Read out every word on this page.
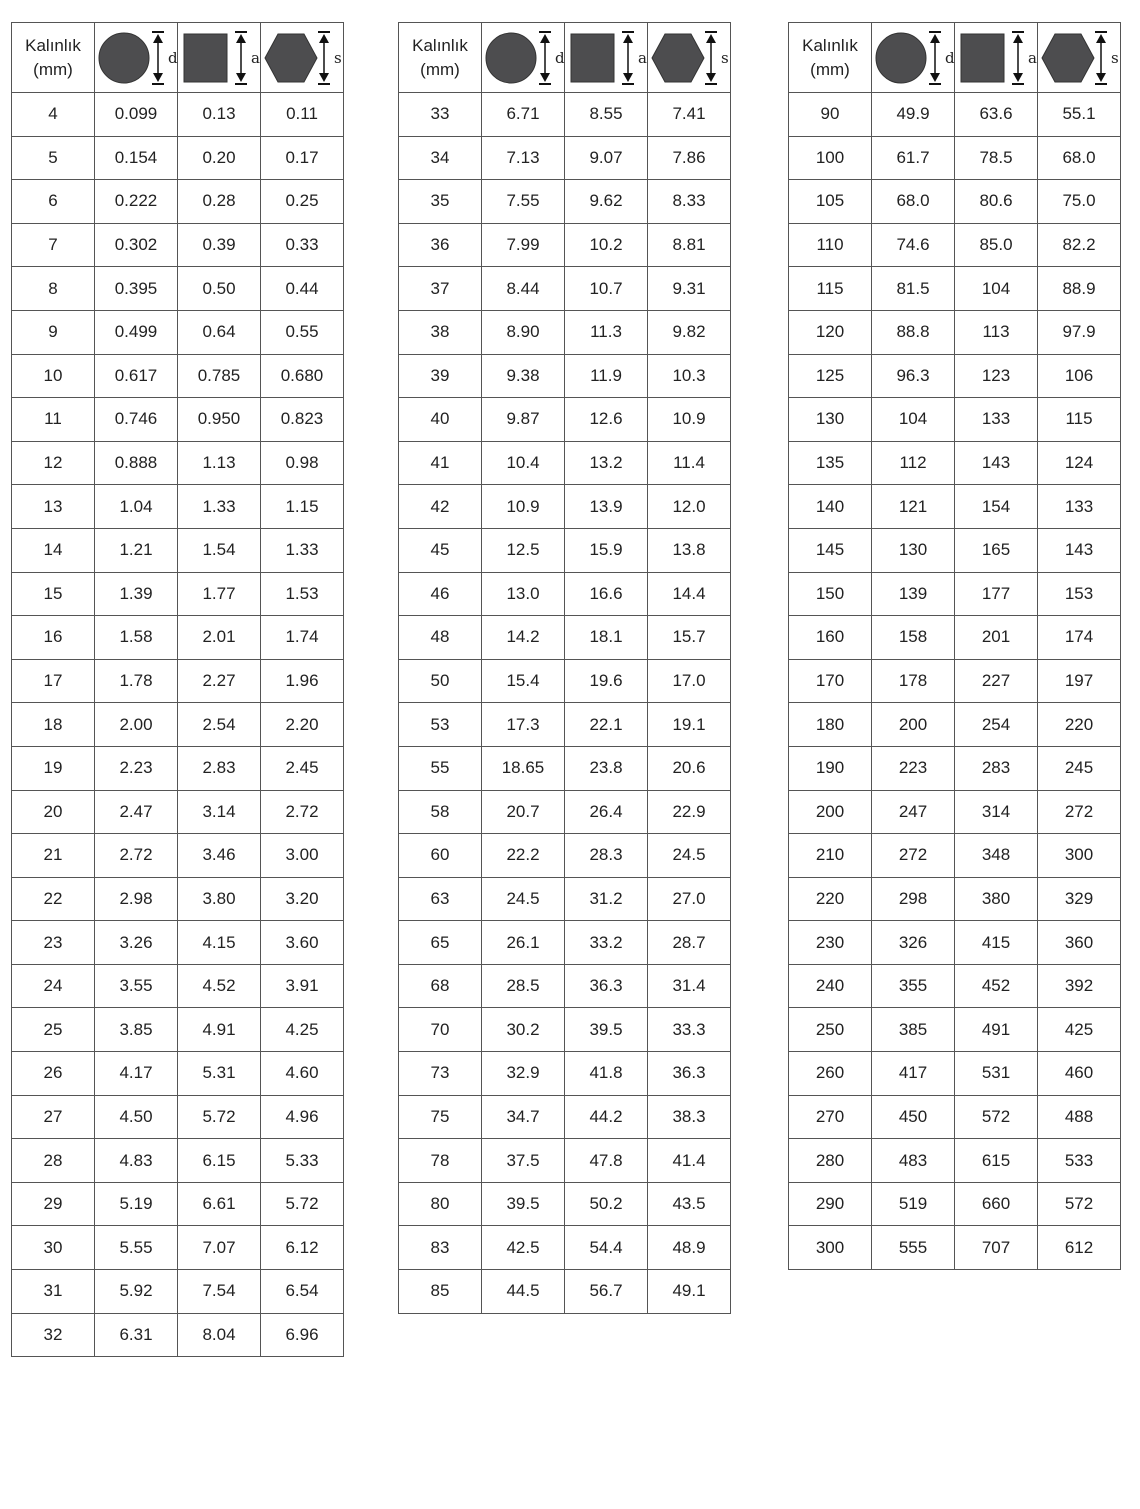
Kalınlık
(mm)	d	a	s

4	0.099	0.13	0.11
5	0.154	0.20	0.17
6	0.222	0.28	0.25
7	0.302	0.39	0.33
8	0.395	0.50	0.44
9	0.499	0.64	0.55
10	0.617	0.785	0.680
11	0.746	0.950	0.823
12	0.888	1.13	0.98
13	1.04	1.33	1.15
14	1.21	1.54	1.33
15	1.39	1.77	1.53
16	1.58	2.01	1.74
17	1.78	2.27	1.96
18	2.00	2.54	2.20
19	2.23	2.83	2.45
20	2.47	3.14	2.72
21	2.72	3.46	3.00
22	2.98	3.80	3.20
23	3.26	4.15	3.60
24	3.55	4.52	3.91
25	3.85	4.91	4.25
26	4.17	5.31	4.60
27	4.50	5.72	4.96
28	4.83	6.15	5.33
29	5.19	6.61	5.72
30	5.55	7.07	6.12
31	5.92	7.54	6.54
32	6.31	8.04	6.96
Kalınlık
(mm)	d	a	s

33	6.71	8.55	7.41
34	7.13	9.07	7.86
35	7.55	9.62	8.33
36	7.99	10.2	8.81
37	8.44	10.7	9.31
38	8.90	11.3	9.82
39	9.38	11.9	10.3
40	9.87	12.6	10.9
41	10.4	13.2	11.4
42	10.9	13.9	12.0
45	12.5	15.9	13.8
46	13.0	16.6	14.4
48	14.2	18.1	15.7
50	15.4	19.6	17.0
53	17.3	22.1	19.1
55	18.65	23.8	20.6
58	20.7	26.4	22.9
60	22.2	28.3	24.5
63	24.5	31.2	27.0
65	26.1	33.2	28.7
68	28.5	36.3	31.4
70	30.2	39.5	33.3
73	32.9	41.8	36.3
75	34.7	44.2	38.3
78	37.5	47.8	41.4
80	39.5	50.2	43.5
83	42.5	54.4	48.9
85	44.5	56.7	49.1
Kalınlık
(mm)	d	a	s

90	49.9	63.6	55.1
100	61.7	78.5	68.0
105	68.0	80.6	75.0
110	74.6	85.0	82.2
115	81.5	104	88.9
120	88.8	113	97.9
125	96.3	123	106
130	104	133	115
135	112	143	124
140	121	154	133
145	130	165	143
150	139	177	153
160	158	201	174
170	178	227	197
180	200	254	220
190	223	283	245
200	247	314	272
210	272	348	300
220	298	380	329
230	326	415	360
240	355	452	392
250	385	491	425
260	417	531	460
270	450	572	488
280	483	615	533
290	519	660	572
300	555	707	612
